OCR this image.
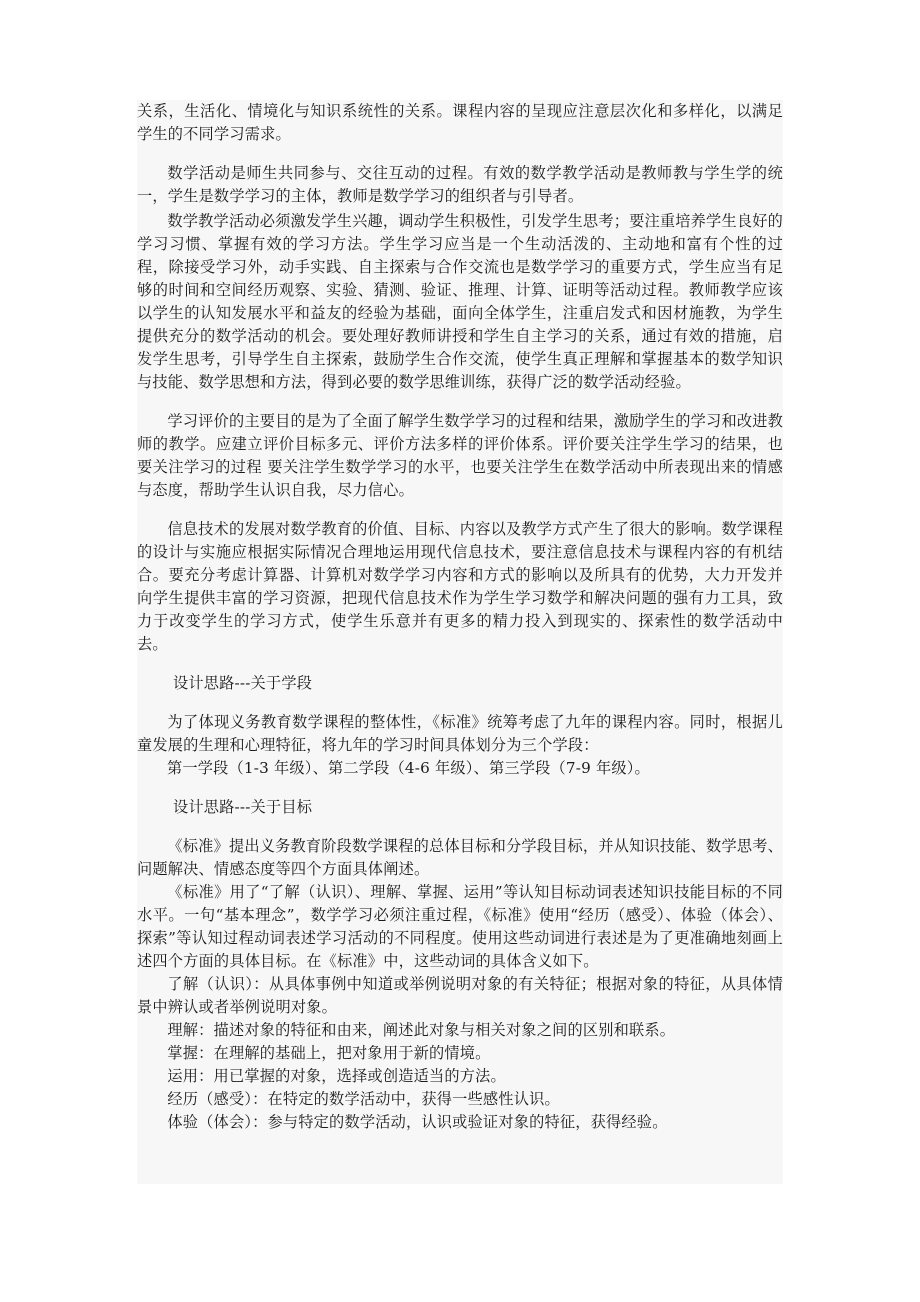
关系，生活化、情境化与知识系统性的关系。课程内容的呈现应注意层次化和多样化，以满足学生的不同学习需求。

数学活动是师生共同参与、交往互动的过程。有效的数学教学活动是教师教与学生学的统一，学生是数学学习的主体，教师是数学学习的组织者与引导者。

数学教学活动必须激发学生兴趣，调动学生积极性，引发学生思考；要注重培养学生良好的学习习惯、掌握有效的学习方法。学生学习应当是一个生动活泼的、主动地和富有个性的过程，除接受学习外，动手实践、自主探索与合作交流也是数学学习的重要方式，学生应当有足够的时间和空间经历观察、实验、猜测、验证、推理、计算、证明等活动过程。教师教学应该以学生的认知发展水平和益友的经验为基础，面向全体学生，注重启发式和因材施教，为学生提供充分的数学活动的机会。要处理好教师讲授和学生自主学习的关系，通过有效的措施，启发学生思考，引导学生自主探索，鼓励学生合作交流，使学生真正理解和掌握基本的数学知识与技能、数学思想和方法，得到必要的数学思维训练，获得广泛的数学活动经验。

学习评价的主要目的是为了全面了解学生数学学习的过程和结果，激励学生的学习和改进教师的教学。应建立评价目标多元、评价方法多样的评价体系。评价要关注学生学习的结果，也要关注学习的过程 要关注学生数学学习的水平，也要关注学生在数学活动中所表现出来的情感与态度，帮助学生认识自我，尽力信心。

信息技术的发展对数学教育的价值、目标、内容以及教学方式产生了很大的影响。数学课程的设计与实施应根据实际情况合理地运用现代信息技术，要注意信息技术与课程内容的有机结合。要充分考虑计算器、计算机对数学学习内容和方式的影响以及所具有的优势，大力开发并向学生提供丰富的学习资源，把现代信息技术作为学生学习数学和解决问题的强有力工具，致力于改变学生的学习方式，使学生乐意并有更多的精力投入到现实的、探索性的数学活动中去。

设计思路---关于学段

为了体现义务教育数学课程的整体性，《标准》统筹考虑了九年的课程内容。同时，根据儿童发展的生理和心理特征，将九年的学习时间具体划分为三个学段：

第一学段（1-3 年级）、第二学段（4-6 年级）、第三学段（7-9 年级）。

设计思路---关于目标

《标准》提出义务教育阶段数学课程的总体目标和分学段目标，并从知识技能、数学思考、问题解决、情感态度等四个方面具体阐述。

《标准》用了“了解（认识）、理解、掌握、运用”等认知目标动词表述知识技能目标的不同水平。一句“基本理念”，数学学习必须注重过程，《标准》使用“经历（感受）、体验（体会）、探索”等认知过程动词表述学习活动的不同程度。使用这些动词进行表述是为了更准确地刻画上述四个方面的具体目标。在《标准》中，这些动词的具体含义如下。

了解（认识）：从具体事例中知道或举例说明对象的有关特征；根据对象的特征，从具体情景中辨认或者举例说明对象。

理解：描述对象的特征和由来，阐述此对象与相关对象之间的区别和联系。

掌握：在理解的基础上，把对象用于新的情境。

运用：用已掌握的对象，选择或创造适当的方法。

经历（感受）：在特定的数学活动中，获得一些感性认识。

体验（体会）：参与特定的数学活动，认识或验证对象的特征，获得经验。
